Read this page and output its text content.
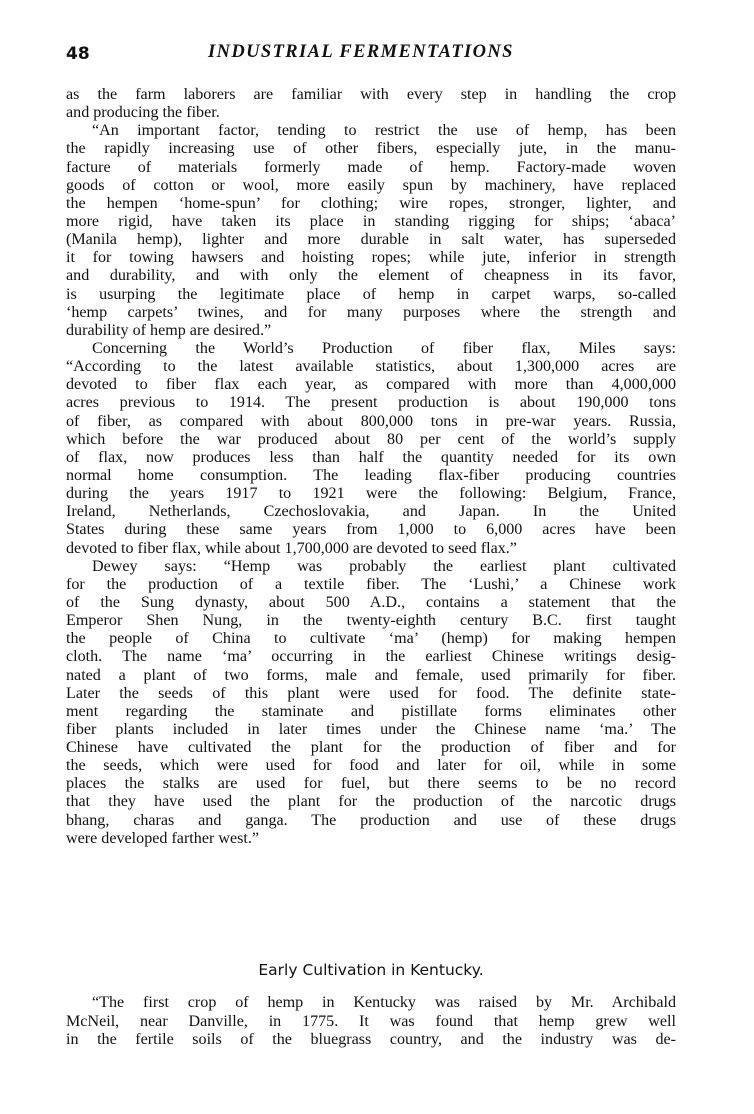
48	INDUSTRIAL FERMENTATIONS
as the farm laborers are familiar with every step in handling the crop
and producing the fiber.
“An important factor, tending to restrict the use of hemp, has been
the rapidly increasing use of other fibers, especially jute, in the manu-
facture of materials formerly made of hemp. Factory-made woven
goods of cotton or wool, more easily spun by machinery, have replaced
the hempen ‘home-spun’ for clothing; wire ropes, stronger, lighter, and
more rigid, have taken its place in standing rigging for ships; ‘abaca’
(Manila hemp), lighter and more durable in salt water, has superseded
it for towing hawsers and hoisting ropes; while jute, inferior in strength
and durability, and with only the element of cheapness in its favor,
is usurping the legitimate place of hemp in carpet warps, so-called
‘hemp carpets’ twines, and for many purposes where the strength and
durability of hemp are desired.”
Concerning the World’s Production of fiber flax, Miles says:
“According to the latest available statistics, about 1,300,000 acres are
devoted to fiber flax each year, as compared with more than 4,000,000
acres previous to 1914. The present production is about 190,000 tons
of fiber, as compared with about 800,000 tons in pre-war years. Russia,
which before the war produced about 80 per cent of the world’s supply
of flax, now produces less than half the quantity needed for its own
normal home consumption. The leading flax-fiber producing countries
during the years 1917 to 1921 were the following: Belgium, France,
Ireland, Netherlands, Czechoslovakia, and Japan. In the United
States during these same years from 1,000 to 6,000 acres have been
devoted to fiber flax, while about 1,700,000 are devoted to seed flax.”
Dewey says: “Hemp was probably the earliest plant cultivated
for the production of a textile fiber. The ‘Lushi,’ a Chinese work
of the Sung dynasty, about 500 A.D., contains a statement that the
Emperor Shen Nung, in the twenty-eighth century B.C. first taught
the people of China to cultivate ‘ma’ (hemp) for making hempen
cloth. The name ‘ma’ occurring in the earliest Chinese writings desig-
nated a plant of two forms, male and female, used primarily for fiber.
Later the seeds of this plant were used for food. The definite state-
ment regarding the staminate and pistillate forms eliminates other
fiber plants included in later times under the Chinese name ‘ma.’ The
Chinese have cultivated the plant for the production of fiber and for
the seeds, which were used for food and later for oil, while in some
places the stalks are used for fuel, but there seems to be no record
that they have used the plant for the production of the narcotic drugs
bhang, charas and ganga. The production and use of these drugs
were developed farther west.”
Early Cultivation in Kentucky.
“The first crop of hemp in Kentucky was raised by Mr. Archibald
McNeil, near Danville, in 1775. It was found that hemp grew well
in the fertile soils of the bluegrass country, and the industry was de-
